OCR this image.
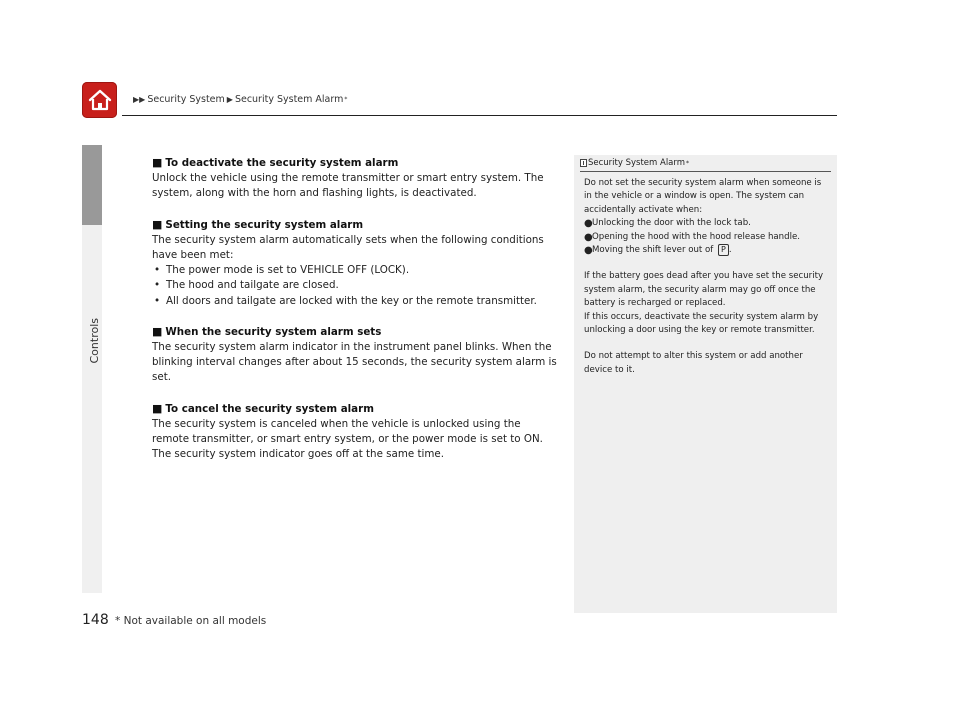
Controls
▶▶ Security System ▶ Security System Alarm *
■ To deactivate the security system alarm

Unlock the vehicle using the remote transmitter or smart entry system. The system, along with the horn and flashing lights, is deactivated.

■ Setting the security system alarm

The security system alarm automatically sets when the following conditions have been met:

• The power mode is set to VEHICLE OFF (LOCK).
• The hood and tailgate are closed.
• All doors and tailgate are locked with the key or the remote transmitter.
■ When the security system alarm sets

The security system alarm indicator in the instrument panel blinks. When the blinking interval changes after about 15 seconds, the security system alarm is set.

■ To cancel the security system alarm

The security system is canceled when the vehicle is unlocked using the remote transmitter, or smart entry system, or the power mode is set to ON. The security system indicator goes off at the same time.

Security System Alarm *

Do not set the security system alarm when someone is in the vehicle or a window is open. The system can accidentally activate when:

● Unlocking the door with the lock tab.
● Opening the hood with the hood release handle.
● Moving the shift lever out of P .

If the battery goes dead after you have set the security system alarm, the security alarm may go off once the battery is recharged or replaced.

If this occurs, deactivate the security system alarm by unlocking a door using the key or remote transmitter.

Do not attempt to alter this system or add another device to it.

148 * Not available on all models
